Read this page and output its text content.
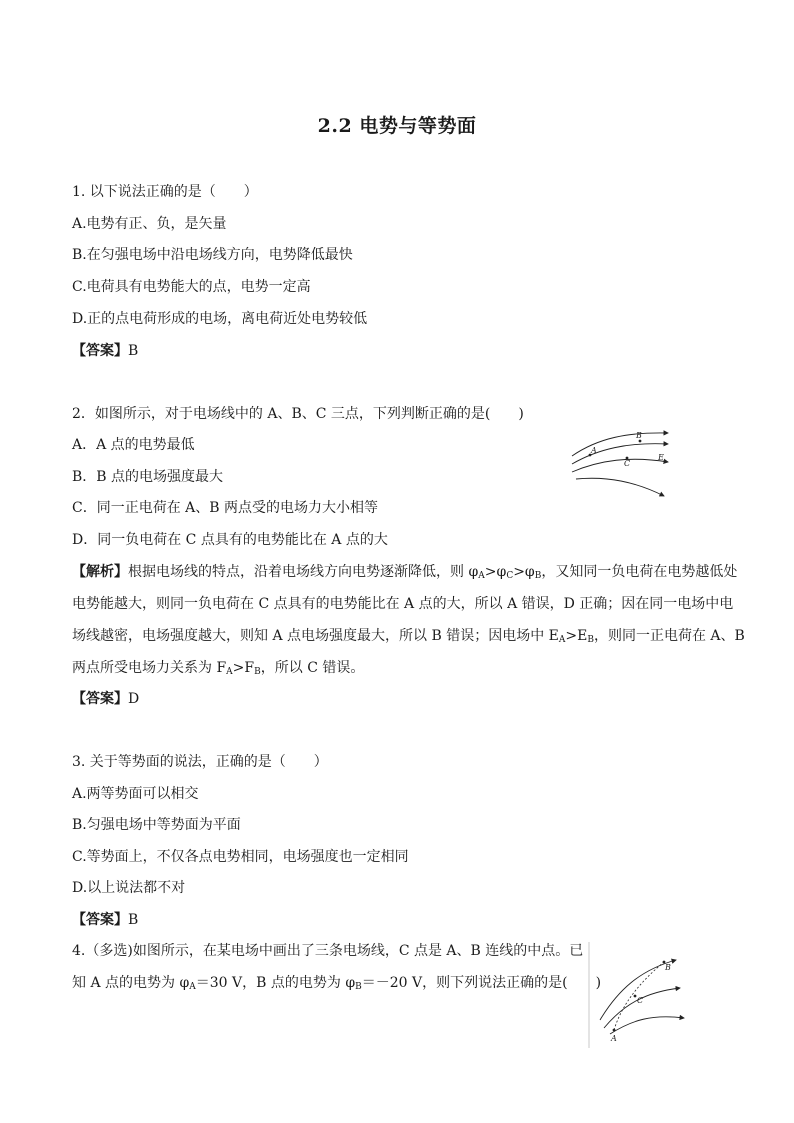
2.2 电势与等势面
1. 以下说法正确的是（　　）
A.电势有正、负，是矢量
B.在匀强电场中沿电场线方向，电势降低最快
C.电荷具有电势能大的点，电势一定高
D.正的点电荷形成的电场，离电荷近处电势较低
【答案】B
2．如图所示，对于电场线中的 A、B、C 三点，下列判断正确的是(　　)
A．A 点的电势最低
B．B 点的电场强度最大
C．同一正电荷在 A、B 两点受的电场力大小相等
D．同一负电荷在 C 点具有的电势能比在 A 点的大
A
B
C
E
【解析】根据电场线的特点，沿着电场线方向电势逐渐降低，则 $\varphi_A>\varphi_C>\varphi_B$，又知同一负电荷在电势越低处
电势能越大，则同一负电荷在 C 点具有的电势能比在 A 点的大，所以 A 错误，D 正确；因在同一电场中电
场线越密，电场强度越大，则知 A 点电场强度最大，所以 B 错误；因电场中 $E_A>E_B$，则同一正电荷在 A、B
两点所受电场力关系为 $F_A>F_B$，所以 C 错误。
【答案】D
3. 关于等势面的说法，正确的是（　　）
A.两等势面可以相交
B.匀强电场中等势面为平面
C.等势面上，不仅各点电势相同，电场强度也一定相同
D.以上说法都不对
【答案】B
4.（多选)如图所示，在某电场中画出了三条电场线，C 点是 A、B 连线的中点。已
知 A 点的电势为 $\varphi_A=30$ V，B 点的电势为 $\varphi_B=-20$ V，则下列说法正确的是(　　)
A
B
C
